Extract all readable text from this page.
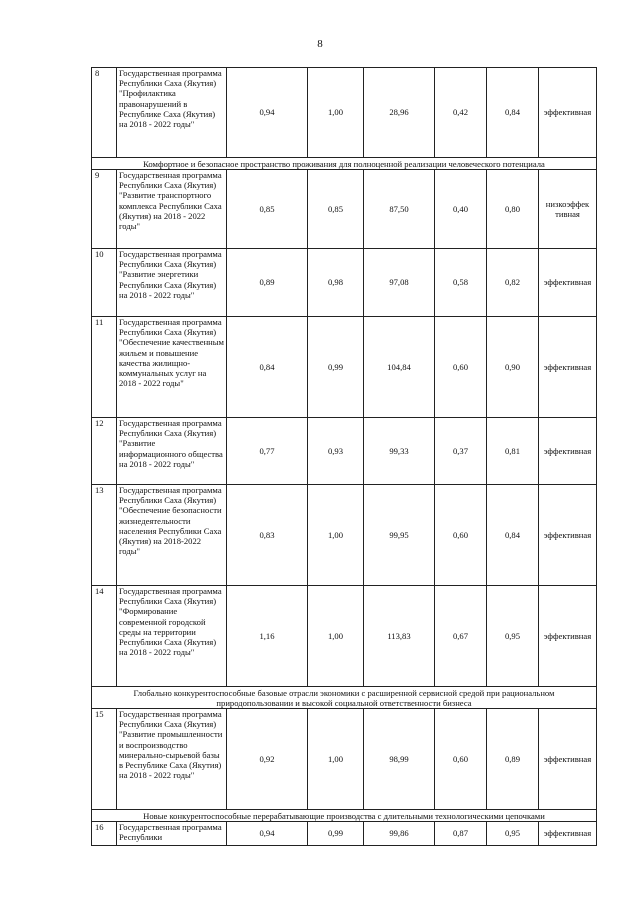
8
8	Государственная программа Республики Саха (Якутия) "Профилактика правонарушений в Республике Саха (Якутия) на 2018 - 2022 годы"	0,94	1,00	28,96	0,42	0,84	эффективная
Комфортное и безопасное пространство проживания для полноценной реализации человеческого потенциала							
9	Государственная программа Республики Саха (Якутия) "Развитие транспортного комплекса Республики Саха (Якутия) на 2018 - 2022 годы"	0,85	0,85	87,50	0,40	0,80	низкоэффек тивная
10	Государственная программа Республики Саха (Якутия) "Развитие энергетики Республики Саха (Якутия) на 2018 - 2022 годы"	0,89	0,98	97,08	0,58	0,82	эффективная
11	Государственная программа Республики Саха (Якутия) "Обеспечение качественным жильем и повышение качества жилищно-коммунальных услуг на 2018 - 2022 годы"	0,84	0,99	104,84	0,60	0,90	эффективная
12	Государственная программа Республики Саха (Якутия) "Развитие информационного общества на 2018 - 2022 годы"	0,77	0,93	99,33	0,37	0,81	эффективная
13	Государственная программа Республики Саха (Якутия) "Обеспечение безопасности жизнедеятельности населения Республики Саха (Якутия) на 2018-2022 годы"	0,83	1,00	99,95	0,60	0,84	эффективная
14	Государственная программа Республики Саха (Якутия) "Формирование современной городской среды на территории Республики Саха (Якутия) на 2018 - 2022 годы"	1,16	1,00	113,83	0,67	0,95	эффективная
Глобально конкурентоспособные базовые отрасли экономики с расширенной сервисной средой при рациональном природопользовании и высокой социальной ответственности бизнеса							
15	Государственная программа Республики Саха (Якутия) "Развитие промышленности и воспроизводство минерально-сырьевой базы в Республике Саха (Якутия) на 2018 - 2022 годы"	0,92	1,00	98,99	0,60	0,89	эффективная
Новые конкурентоспособные перерабатывающие производства с длительными технологическими цепочками							
16	Государственная программа Республики	0,94	0,99	99,86	0,87	0,95	эффективная
